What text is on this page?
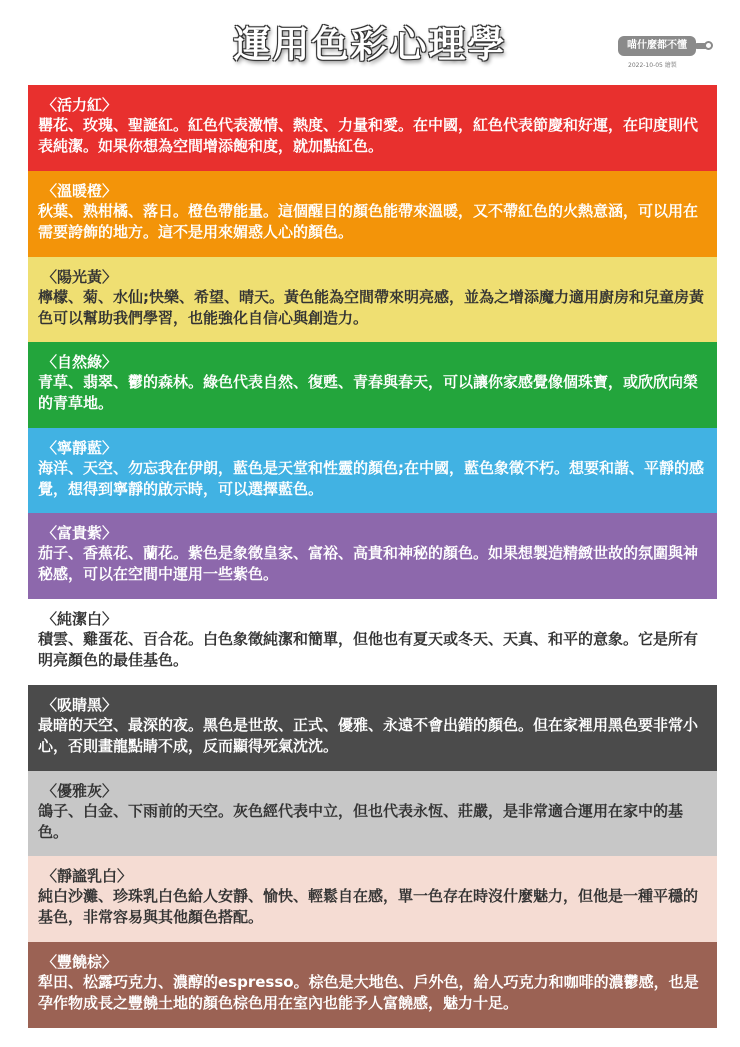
運用色彩心理學	喵什麼都不懂
2022-10-05 繪製
〈活力紅〉
罌花、玫瑰、聖誕紅。紅色代表激情、熱度、力量和愛。在中國，紅色代表節慶和好運，在印度則代表純潔。如果你想為空間增添飽和度，就加點紅色。
〈溫暖橙〉
秋葉、熟柑橘、落日。橙色帶能量。這個醒目的顏色能帶來溫暖，又不帶紅色的火熱意涵，可以用在需要誇飾的地方。這不是用來媚惑人心的顏色。
〈陽光黃〉
檸檬、菊、水仙;快樂、希望、晴天。黃色能為空間帶來明亮感，並為之增添魔力適用廚房和兒童房黃色可以幫助我們學習，也能強化自信心與創造力。
〈自然綠〉
青草、翡翠、鬱的森林。綠色代表自然、復甦、青春與春天，可以讓你家感覺像個珠寶，或欣欣向榮的青草地。
〈寧靜藍〉
海洋、天空、勿忘我在伊朗，藍色是天堂和性靈的顏色;在中國，藍色象徵不朽。想要和諧、平靜的感覺，想得到寧靜的啟示時，可以選擇藍色。
〈富貴紫〉
茄子、香蕉花、蘭花。紫色是象徵皇家、富裕、高貴和神秘的顏色。如果想製造精緻世故的氛圍與神秘感，可以在空間中運用一些紫色。
〈純潔白〉
積雲、雞蛋花、百合花。白色象徵純潔和簡單，但他也有夏天或冬天、天真、和平的意象。它是所有明亮顏色的最佳基色。
〈吸睛黑〉
最暗的天空、最深的夜。黑色是世故、正式、優雅、永遠不會出錯的顏色。但在家裡用黑色要非常小心，否則畫龍點睛不成，反而顯得死氣沈沈。
〈優雅灰〉
鴿子、白金、下雨前的天空。灰色經代表中立，但也代表永恆、莊嚴，是非常適合運用在家中的基色。
〈靜謐乳白〉
純白沙灘、珍珠乳白色給人安靜、愉快、輕鬆自在感，單一色存在時沒什麼魅力，但他是一種平穩的基色，非常容易與其他顏色搭配。
〈豐饒棕〉
犁田、松露巧克力、濃醇的espresso。棕色是大地色、戶外色，給人巧克力和咖啡的濃鬱感，也是孕作物成長之豐饒土地的顏色棕色用在室內也能予人富饒感，魅力十足。
